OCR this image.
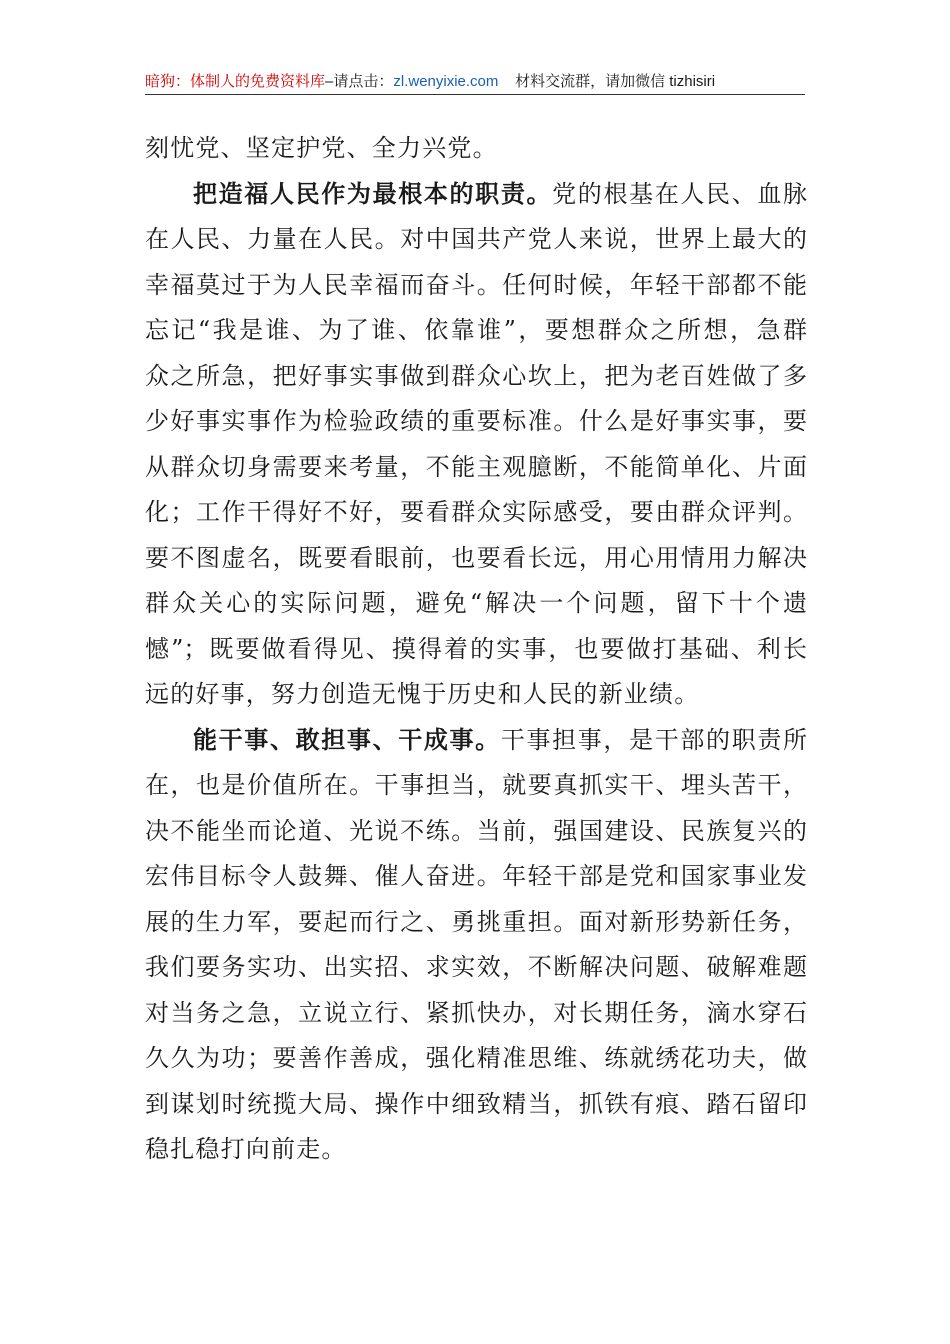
暗狗：体制人的免费资料库–请点击：zl.wenyixie.com 材料交流群，请加微信 tizhisiri
刻忧党、坚定护党、全力兴党。
把造福人民作为最根本的职责。党的根基在人民、血脉
在人民、力量在人民。对中国共产党人来说，世界上最大的
幸福莫过于为人民幸福而奋斗。任何时候，年轻干部都不能
忘记“我是谁、为了谁、依靠谁”，要想群众之所想，急群
众之所急，把好事实事做到群众心坎上，把为老百姓做了多
少好事实事作为检验政绩的重要标准。什么是好事实事，要
从群众切身需要来考量，不能主观臆断，不能简单化、片面
化；工作干得好不好，要看群众实际感受，要由群众评判。
要不图虚名，既要看眼前，也要看长远，用心用情用力解决
群众关心的实际问题，避免“解决一个问题，留下十个遗
憾”；既要做看得见、摸得着的实事，也要做打基础、利长
远的好事，努力创造无愧于历史和人民的新业绩。
能干事、敢担事、干成事。干事担事，是干部的职责所
在，也是价值所在。干事担当，就要真抓实干、埋头苦干，
决不能坐而论道、光说不练。当前，强国建设、民族复兴的
宏伟目标令人鼓舞、催人奋进。年轻干部是党和国家事业发
展的生力军，要起而行之、勇挑重担。面对新形势新任务，
我们要务实功、出实招、求实效，不断解决问题、破解难题
对当务之急，立说立行、紧抓快办，对长期任务，滴水穿石
久久为功；要善作善成，强化精准思维、练就绣花功夫，做
到谋划时统揽大局、操作中细致精当，抓铁有痕、踏石留印
稳扎稳打向前走。
